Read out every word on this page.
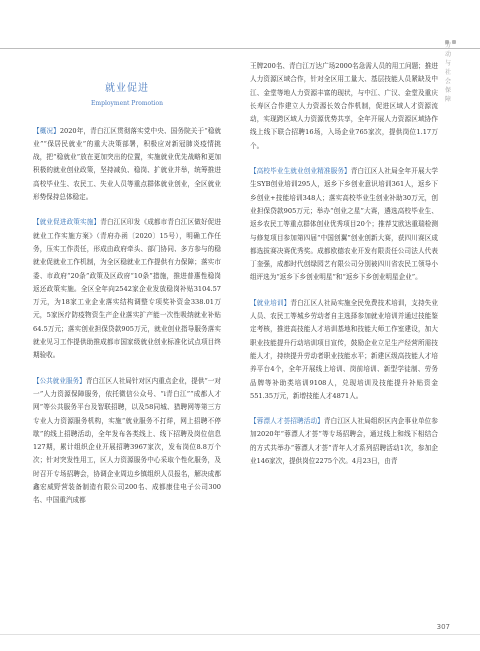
劳动与社会保障
就业促进
Employment Promotion

【概况】2020年，青白江区贯彻落实党中央、国务院关于“稳就业”“保居民就业”的重大决策部署，积极应对新冠肺炎疫情挑战，把“稳就业”放在更加突出的位置，实施就业优先战略和更加积极的就业创业政策，坚持减负、稳岗、扩就业并举，统筹推进高校毕业生、农民工、失业人员等重点群体就业创业，全区就业形势保持总体稳定。

【就业促进政策实施】青白江区印发《成都市青白江区做好促进就业工作实施方案》（青府办函〔2020〕15号），明确工作任务，压实工作责任，形成由政府牵头、部门协同、多方参与的稳就业促就业工作机制，为全区稳就业工作提供有力保障；落实市委、市政府“20条”政策及区政府“10条”措施，推进普惠性稳岗返还政策实施。全区全年向2542家企业发放稳岗补贴3104.57万元，为18家工业企业落实结构调整专项奖补资金338.01万元，5家医疗防疫物资生产企业落实扩产能一次性吸纳就业补贴64.5万元；落实创业担保贷款905万元，就业创业指导服务落实就业见习工作提供助推成都市国家级就业创业标准化试点项目终期验收。

【公共就业服务】青白江区人社局针对区内重点企业，提供“一对一”人力资源保障服务，依托微信公众号、“i青白江”“成都人才网”等公共服务平台及智联招聘，以及58同城、猎聘网等第三方专业人力资源服务机构，实施“就业服务不打烊，网上招聘不停歇”的线上招聘活动，全年发布各类线上、线下招聘及岗位信息127期，累计组织企业开展招聘3967家次，发布岗位8.8万个次；针对突发性用工，区人力资源服务中心采取个性化服务，及时召开专场招聘会，协调企业周边乡镇组织人员报名，解决成都鑫宏威野营装备制造有限公司200名、成都康佳电子公司300名、中国重汽成都

王牌200名、青白江万达广场2000名急需人员的用工问题；推进人力资源区域合作，针对全区用工量大、基层技能人员紧缺及中江、金堂等地人力资源丰富的现状，与中江、广汉、金堂及重庆长寿区合作建立人力资源长效合作机制，促进区域人才资源流动，实现跨区域人力资源优势共享，全年开展人力资源区域协作线上线下联合招聘16场，入场企业765家次，提供岗位1.17万个。

【高校毕业生就业创业精准服务】青白江区人社局全年开展大学生SYB创业培训295人，返乡下乡创业意识培训361人，返乡下乡创业+技能培训348人；落实高校毕业生创业补助30万元，创业担保贷款905万元；举办“创业之星”大赛，遴选高校毕业生、返乡农民工等重点群体创业优秀项目20个；推荐艾欧达重瑞检测与修复项目参加第四届“中国创翼”创业创新大赛，获四川赛区成都选拔赛决赛优秀奖。成都欧德农业开发有限责任公司法人代表丁奎强，成都时代创绿园艺有限公司分别被四川省农民工领导小组评选为“返乡下乡创业明星”和“返乡下乡创业明星企业”。

【就业培训】青白江区人社局实施全民免费技术培训，支持失业人员、农民工等城乡劳动者自主选择参加就业培训并通过技能鉴定考核，推进高技能人才培训基地和技能大师工作室建设，加大职业技能提升行动培训项目宣传，鼓励企业立足生产经营所需技能人才，持续提升劳动者职业技能水平；新建区级高技能人才培养平台4个，全年开展线上培训、岗前培训、新型学徒制、劳务品牌等补助类培训9108人，兑现培训及技能提升补贴资金551.35万元，新增技能人才4871人。

【蓉漂人才荟招聘活动】青白江区人社局组织区内企事业单位参加2020年“蓉漂人才荟”等专场招聘会，通过线上和线下相结合的方式共举办“蓉漂人才荟”青年人才系列招聘活动1次，参加企业146家次，提供岗位2275个次。4月23日，由青

307
